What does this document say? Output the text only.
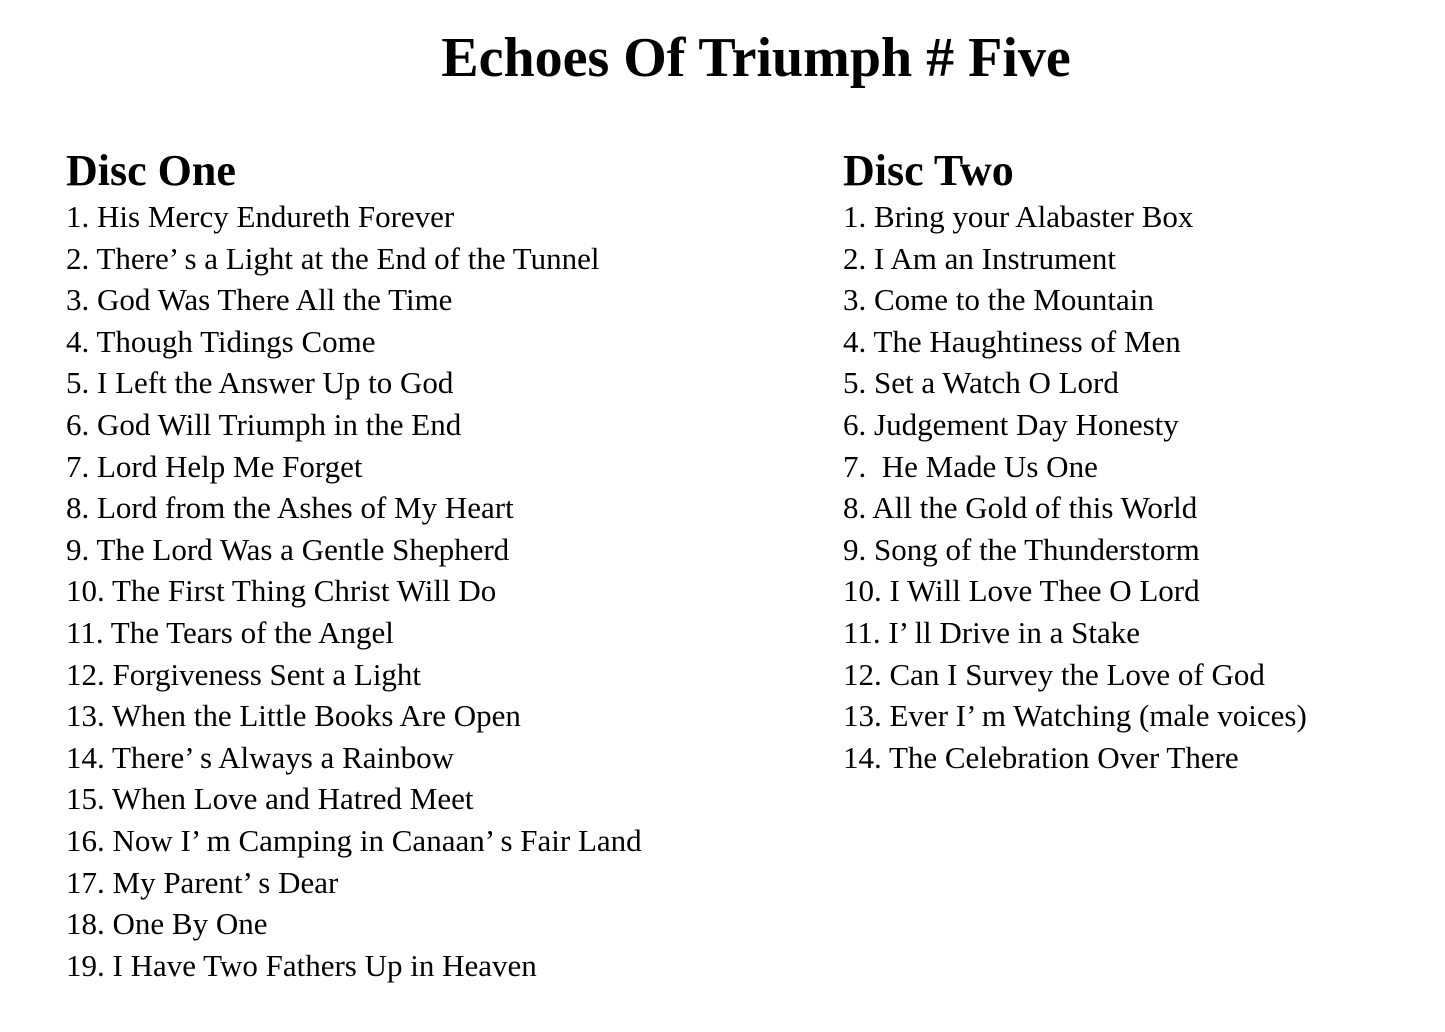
Echoes Of Triumph # Five
Disc One
1. His Mercy Endureth Forever
2. There’ s a Light at the End of the Tunnel
3. God Was There All the Time
4. Though Tidings Come
5. I Left the Answer Up to God
6. God Will Triumph in the End
7. Lord Help Me Forget
8. Lord from the Ashes of My Heart
9. The Lord Was a Gentle Shepherd
10. The First Thing Christ Will Do
11. The Tears of the Angel
12. Forgiveness Sent a Light
13. When the Little Books Are Open
14. There’ s Always a Rainbow
15. When Love and Hatred Meet
16. Now I’ m Camping in Canaan’ s Fair Land
17. My Parent’ s Dear
18. One By One
19. I Have Two Fathers Up in Heaven
Disc Two
1. Bring your Alabaster Box
2. I Am an Instrument
3. Come to the Mountain
4. The Haughtiness of Men
5. Set a Watch O Lord
6. Judgement Day Honesty
7.  He Made Us One
8. All the Gold of this World
9. Song of the Thunderstorm
10. I Will Love Thee O Lord
11. I’ ll Drive in a Stake
12. Can I Survey the Love of God
13. Ever I’ m Watching (male voices)
14. The Celebration Over There
